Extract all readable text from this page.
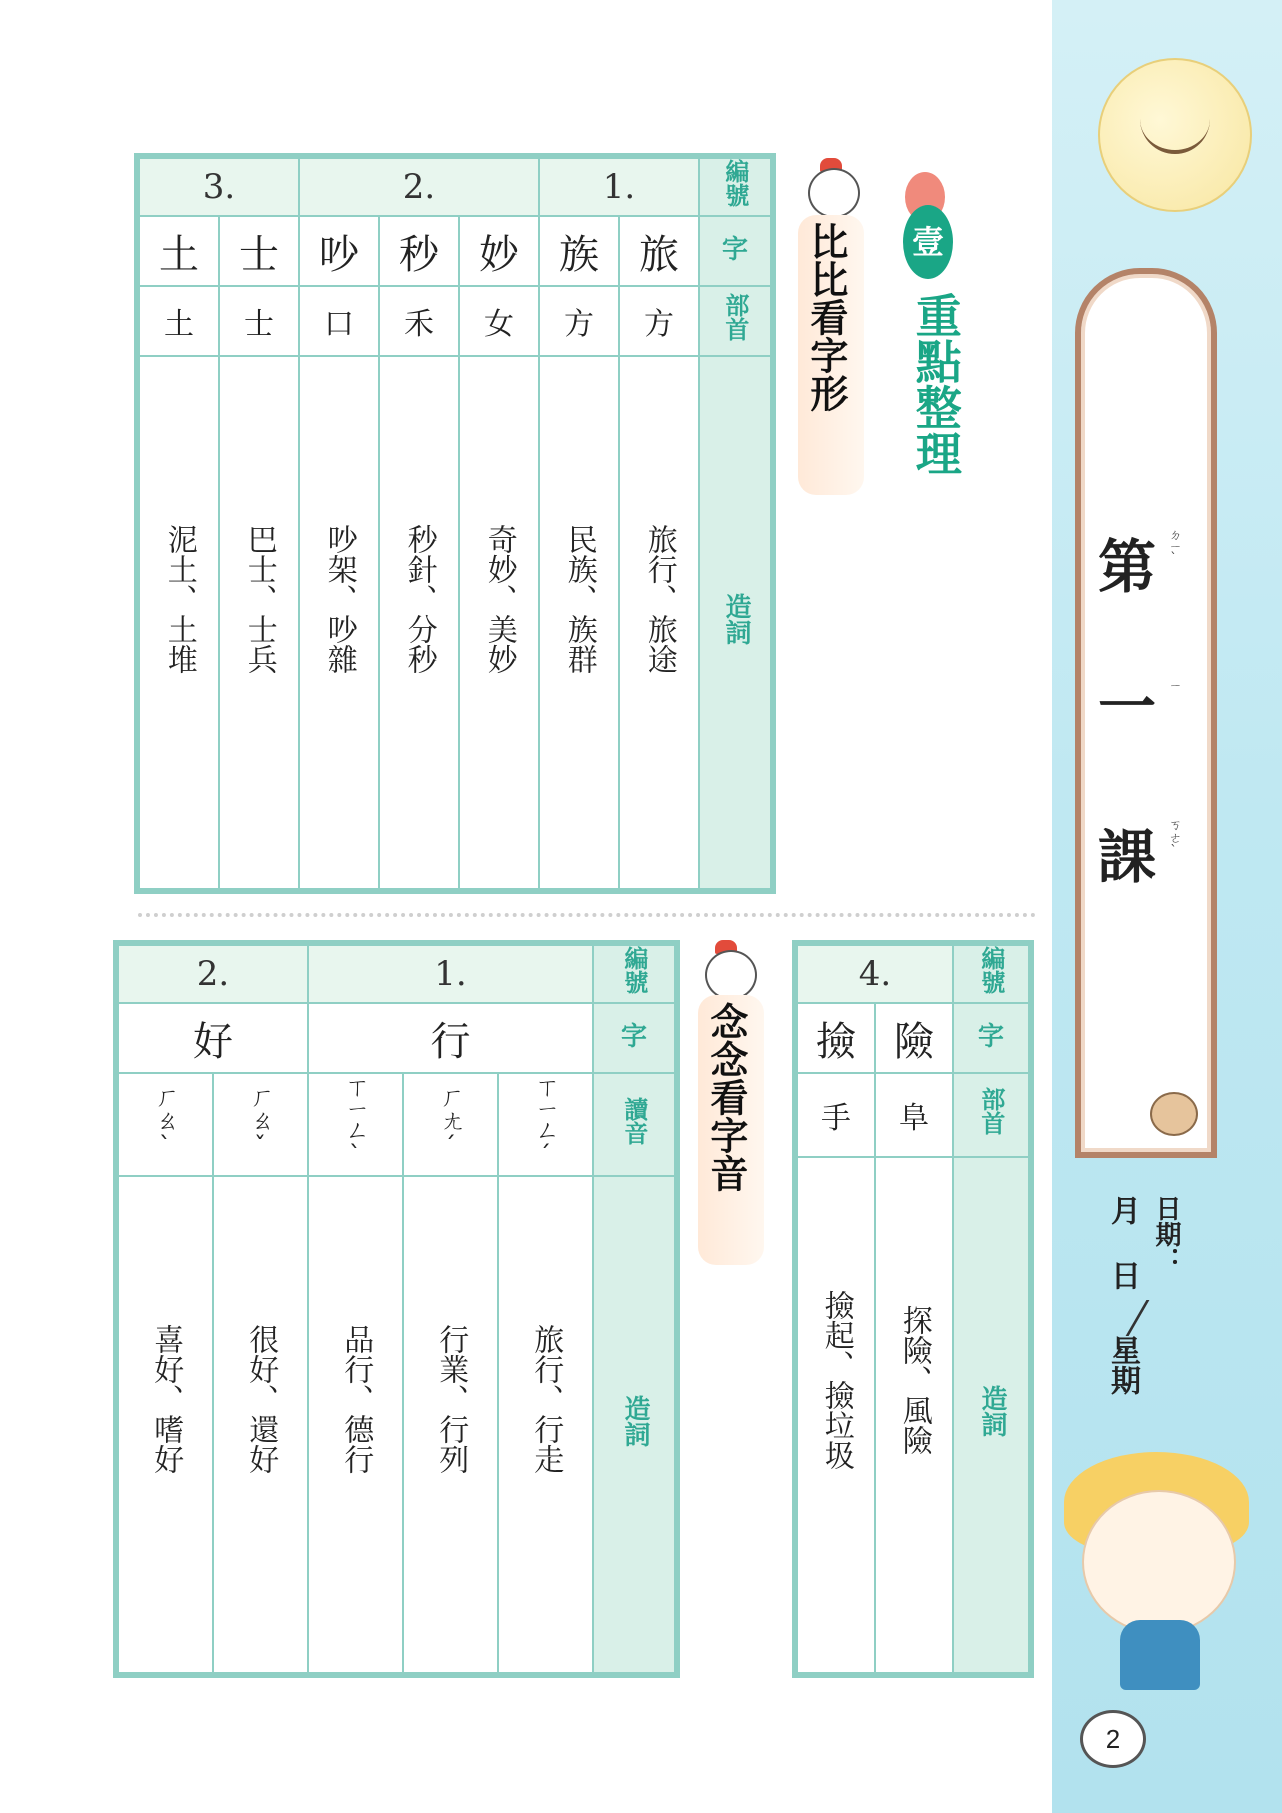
第 ㄉㄧˋ
一 ㄧ
課 ㄎㄜˋ
日期：
月
日
星期
2
壹
重點整理
比比看字形
念念看字音
3.		2.			1.		編號
土	士	吵	秒	妙	族	旅	字
土	士	口	禾	女	方	方	部首

泥土、土堆	巴士、士兵	吵架、吵雜	秒針、分秒	奇妙、美妙	民族、族群	旅行、旅途	造詞
2.		1.			編號
好		行			字
ㄏㄠˋ	ㄏㄠˇ	ㄒㄧㄥˋ	ㄏㄤˊ	ㄒㄧㄥˊ	讀音

喜好、嗜好	很好、還好	品行、德行	行業、行列	旅行、行走	造詞
4.		編號
撿	險	字
手	阜	部首

撿起、撿垃圾	探險、風險	造詞
